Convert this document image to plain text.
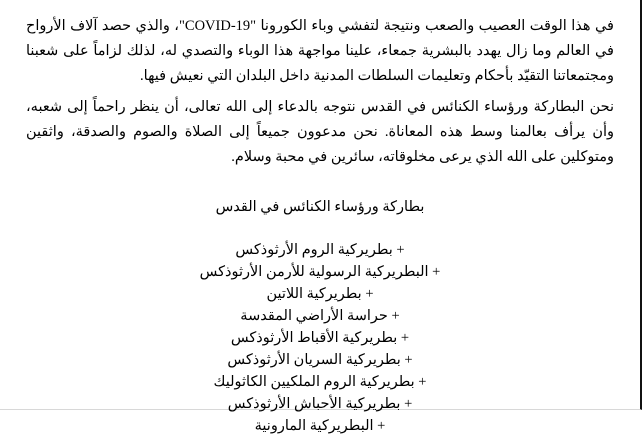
في هذا الوقت العصيب والصعب ونتيجة لتفشي وباء الكورونا "COVID-19"، والذي حصد آلاف الأرواح في العالم وما زال يهدد بالبشرية جمعاء، علينا مواجهة هذا الوباء والتصدي له، لذلك لزاماً على شعبنا ومجتمعاتنا التقيّد بأحكام وتعليمات السلطات المدنية داخل البلدان التي نعيش فيها.

نحن البطاركة ورؤساء الكنائس في القدس نتوجه بالدعاء إلى الله تعالى، أن ينظر راحماً إلى شعبه، وأن يرأف بعالمنا وسط هذه المعاناة. نحن مدعوون جميعاً إلى الصلاة والصوم والصدقة، واثقين ومتوكلين على الله الذي يرعى مخلوقاته، سائرين في محبة وسلام.

بطاركة ورؤساء الكنائس في القدس

+ بطريركية الروم الأرثوذكس
+ البطريركية الرسولية للأرمن الأرثوذكس
+ بطريركية اللاتين
+ حراسة الأراضي المقدسة
+ بطريركية الأقباط الأرثوذكس
+ بطريركية السريان الأرثوذكس
+ بطريركية الروم الملكيين الكاثوليك
+ بطريركية الأحباش الأرثوذكس
+ البطريركية المارونية
